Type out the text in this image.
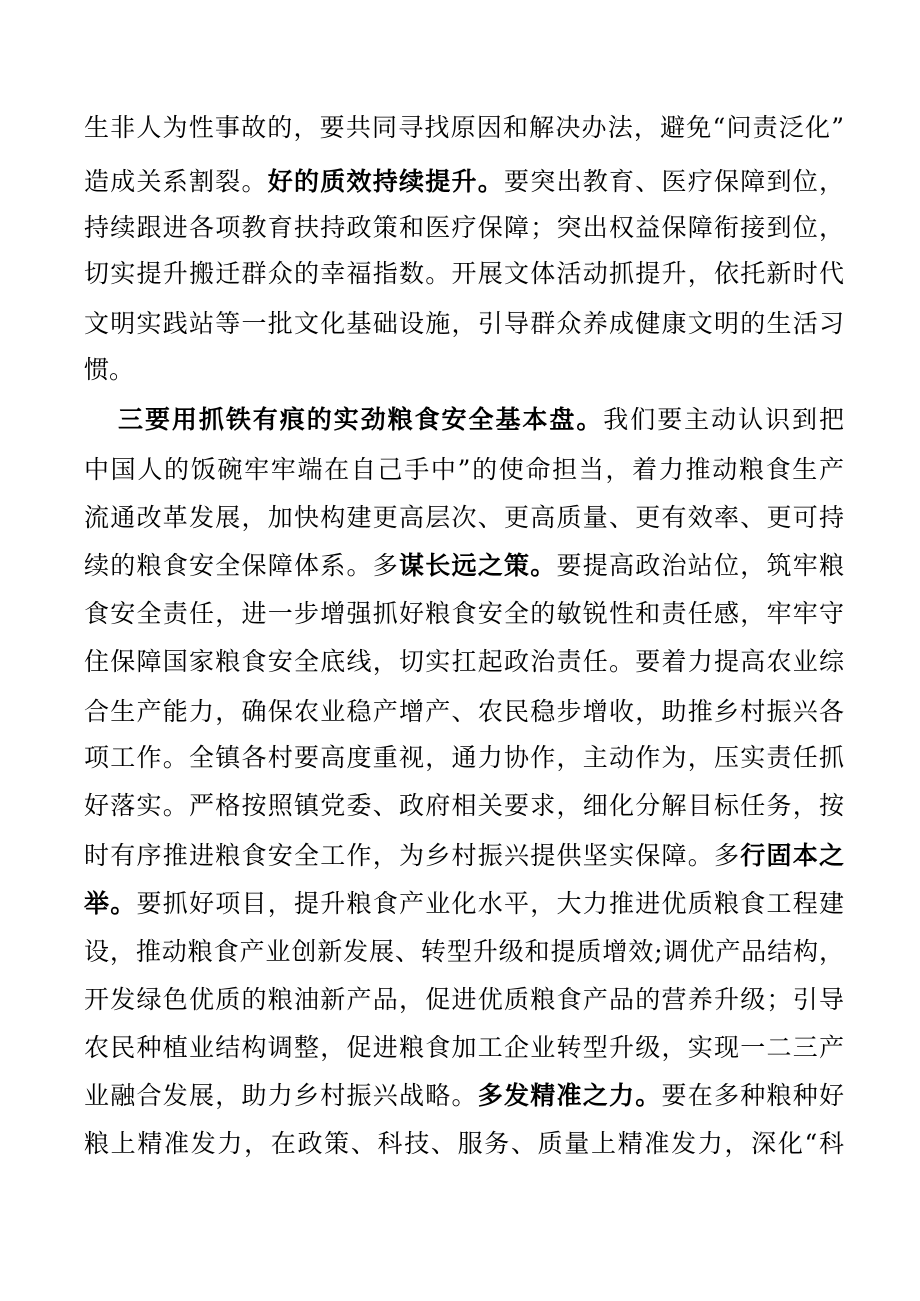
生非人为性事故的，要共同寻找原因和解决办法，避免“问责泛化”
造成关系割裂。好的质效持续提升。要突出教育、医疗保障到位，
持续跟进各项教育扶持政策和医疗保障；突出权益保障衔接到位，
切实提升搬迁群众的幸福指数。开展文体活动抓提升，依托新时代
文明实践站等一批文化基础设施，引导群众养成健康文明的生活习
惯。
三要用抓铁有痕的实劲粮食安全基本盘。我们要主动认识到把
中国人的饭碗牢牢端在自己手中”的使命担当，着力推动粮食生产
流通改革发展，加快构建更高层次、更高质量、更有效率、更可持
续的粮食安全保障体系。多谋长远之策。要提高政治站位，筑牢粮
食安全责任，进一步增强抓好粮食安全的敏锐性和责任感，牢牢守
住保障国家粮食安全底线，切实扛起政治责任。要着力提高农业综
合生产能力，确保农业稳产增产、农民稳步增收，助推乡村振兴各
项工作。全镇各村要高度重视，通力协作，主动作为，压实责任抓
好落实。严格按照镇党委、政府相关要求，细化分解目标任务，按
时有序推进粮食安全工作，为乡村振兴提供坚实保障。多行固本之
举。要抓好项目，提升粮食产业化水平，大力推进优质粮食工程建
设，推动粮食产业创新发展、转型升级和提质增效;调优产品结构，
开发绿色优质的粮油新产品，促进优质粮食产品的营养升级；引导
农民种植业结构调整，促进粮食加工企业转型升级，实现一二三产
业融合发展，助力乡村振兴战略。多发精准之力。要在多种粮种好
粮上精准发力，在政策、科技、服务、质量上精准发力，深化“科
